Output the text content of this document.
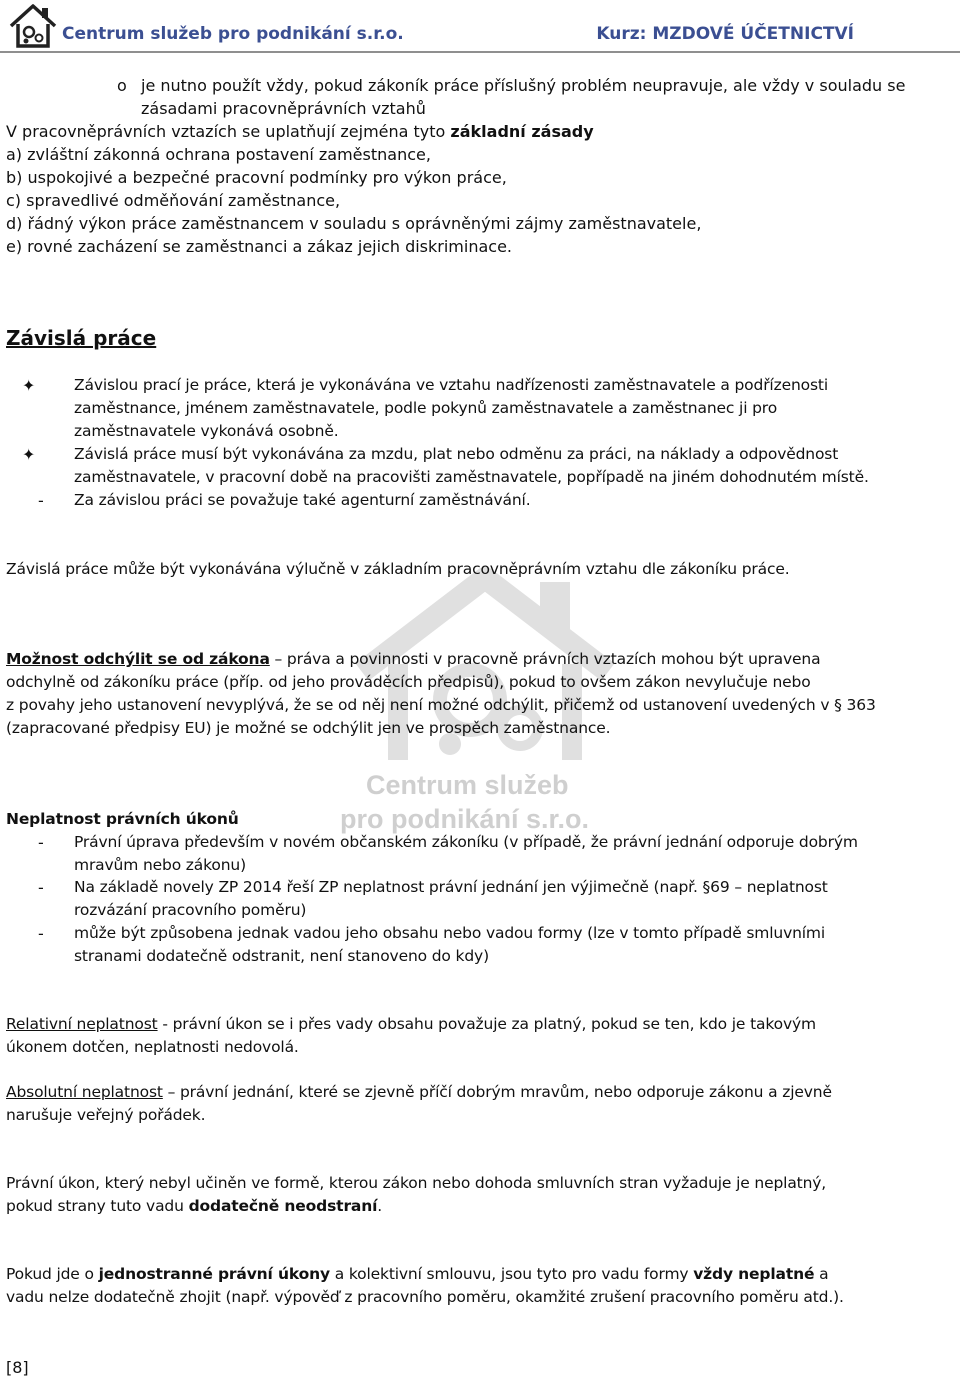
Centrum služeb pro podnikání s.r.o.	Kurz: MZDOVÉ ÚČETNICTVÍ
Centrum služeb
pro podnikání s.r.o.
o je nutno použít vždy, pokud zákoník práce příslušný problém neupravuje, ale vždy v souladu se
zásadami pracovněprávních vztahů
V pracovněprávních vztazích se uplatňují zejména tyto základní zásady
a) zvláštní zákonná ochrana postavení zaměstnance,
b) uspokojivé a bezpečné pracovní podmínky pro výkon práce,
c) spravedlivé odměňování zaměstnance,
d) řádný výkon práce zaměstnancem v souladu s oprávněnými zájmy zaměstnavatele,
e) rovné zacházení se zaměstnanci a zákaz jejich diskriminace.
Závislá práce
✦ Závislou prací je práce, která je vykonávána ve vztahu nadřízenosti zaměstnavatele a podřízenosti
zaměstnance, jménem zaměstnavatele, podle pokynů zaměstnavatele a zaměstnanec ji pro
zaměstnavatele vykonává osobně.
✦ Závislá práce musí být vykonávána za mzdu, plat nebo odměnu za práci, na náklady a odpovědnost
zaměstnavatele, v pracovní době na pracovišti zaměstnavatele, popřípadě na jiném dohodnutém místě.
- Za závislou práci se považuje také agenturní zaměstnávání.
Závislá práce může být vykonávána výlučně v základním pracovněprávním vztahu dle zákoníku práce.
Možnost odchýlit se od zákona – práva a povinnosti v pracovně právních vztazích mohou být upravena
odchylně od zákoníku práce (příp. od jeho prováděcích předpisů), pokud to ovšem zákon nevylučuje nebo
z povahy jeho ustanovení nevyplývá, že se od něj není možné odchýlit, přičemž od ustanovení uvedených v § 363
(zapracované předpisy EU) je možné se odchýlit jen ve prospěch zaměstnance.
Neplatnost právních úkonů
- Právní úprava především v novém občanském zákoníku (v případě, že právní jednání odporuje dobrým
mravům nebo zákonu)
- Na základě novely ZP 2014 řeší ZP neplatnost právní jednání jen výjimečně (např. §69 – neplatnost
rozvázání pracovního poměru)
- může být způsobena jednak vadou jeho obsahu nebo vadou formy (lze v tomto případě smluvními
stranami dodatečně odstranit, není stanoveno do kdy)
Relativní neplatnost - právní úkon se i přes vady obsahu považuje za platný, pokud se ten, kdo je takovým
úkonem dotčen, neplatnosti nedovolá.
Absolutní neplatnost – právní jednání, které se zjevně příčí dobrým mravům, nebo odporuje zákonu a zjevně
narušuje veřejný pořádek.
Právní úkon, který nebyl učiněn ve formě, kterou zákon nebo dohoda smluvních stran vyžaduje je neplatný,
pokud strany tuto vadu dodatečně neodstraní.
Pokud jde o jednostranné právní úkony a kolektivní smlouvu, jsou tyto pro vadu formy vždy neplatné a
vadu nelze dodatečně zhojit (např. výpověď z pracovního poměru, okamžité zrušení pracovního poměru atd.).
[8]
